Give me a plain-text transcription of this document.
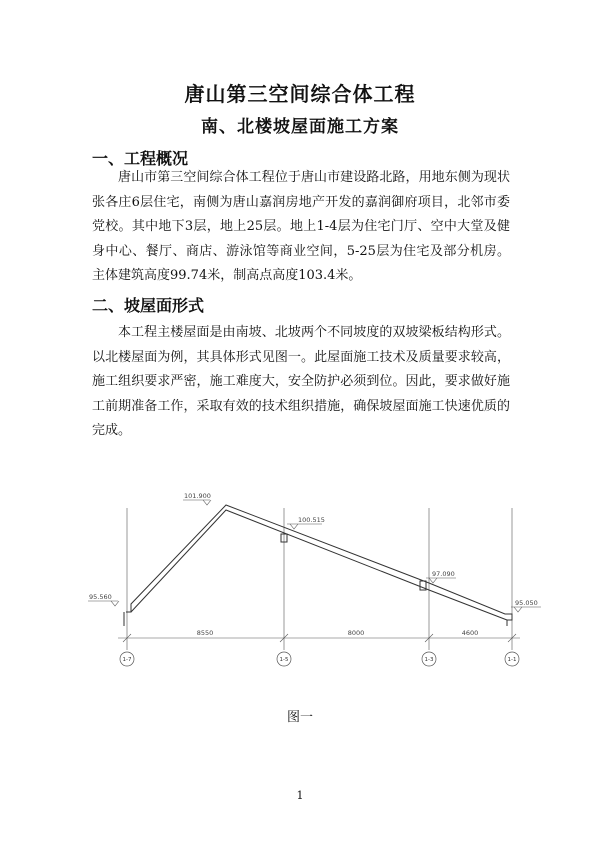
唐山第三空间综合体工程
南、北楼坡屋面施工方案
一、工程概况

唐山市第三空间综合体工程位于唐山市建设路北路，用地东侧为现状张各庄6层住宅，南侧为唐山嘉润房地产开发的嘉润御府项目，北邻市委党校。其中地下3层，地上25层。地上1-4层为住宅门厅、空中大堂及健身中心、餐厅、商店、游泳馆等商业空间，5-25层为住宅及部分机房。主体建筑高度99.74米，制高点高度103.4米。

二、坡屋面形式

本工程主楼屋面是由南坡、北坡两个不同坡度的双坡梁板结构形式。以北楼屋面为例，其具体形式见图一。此屋面施工技术及质量要求较高，施工组织要求严密，施工难度大，安全防护必须到位。因此，要求做好施工前期准备工作，采取有效的技术组织措施，确保坡屋面施工快速优质的完成。

101.900
100.515
97.090
95.560
95.050
8550	8000	4600
1-7	1-5	1-3	1-1
图一
1
